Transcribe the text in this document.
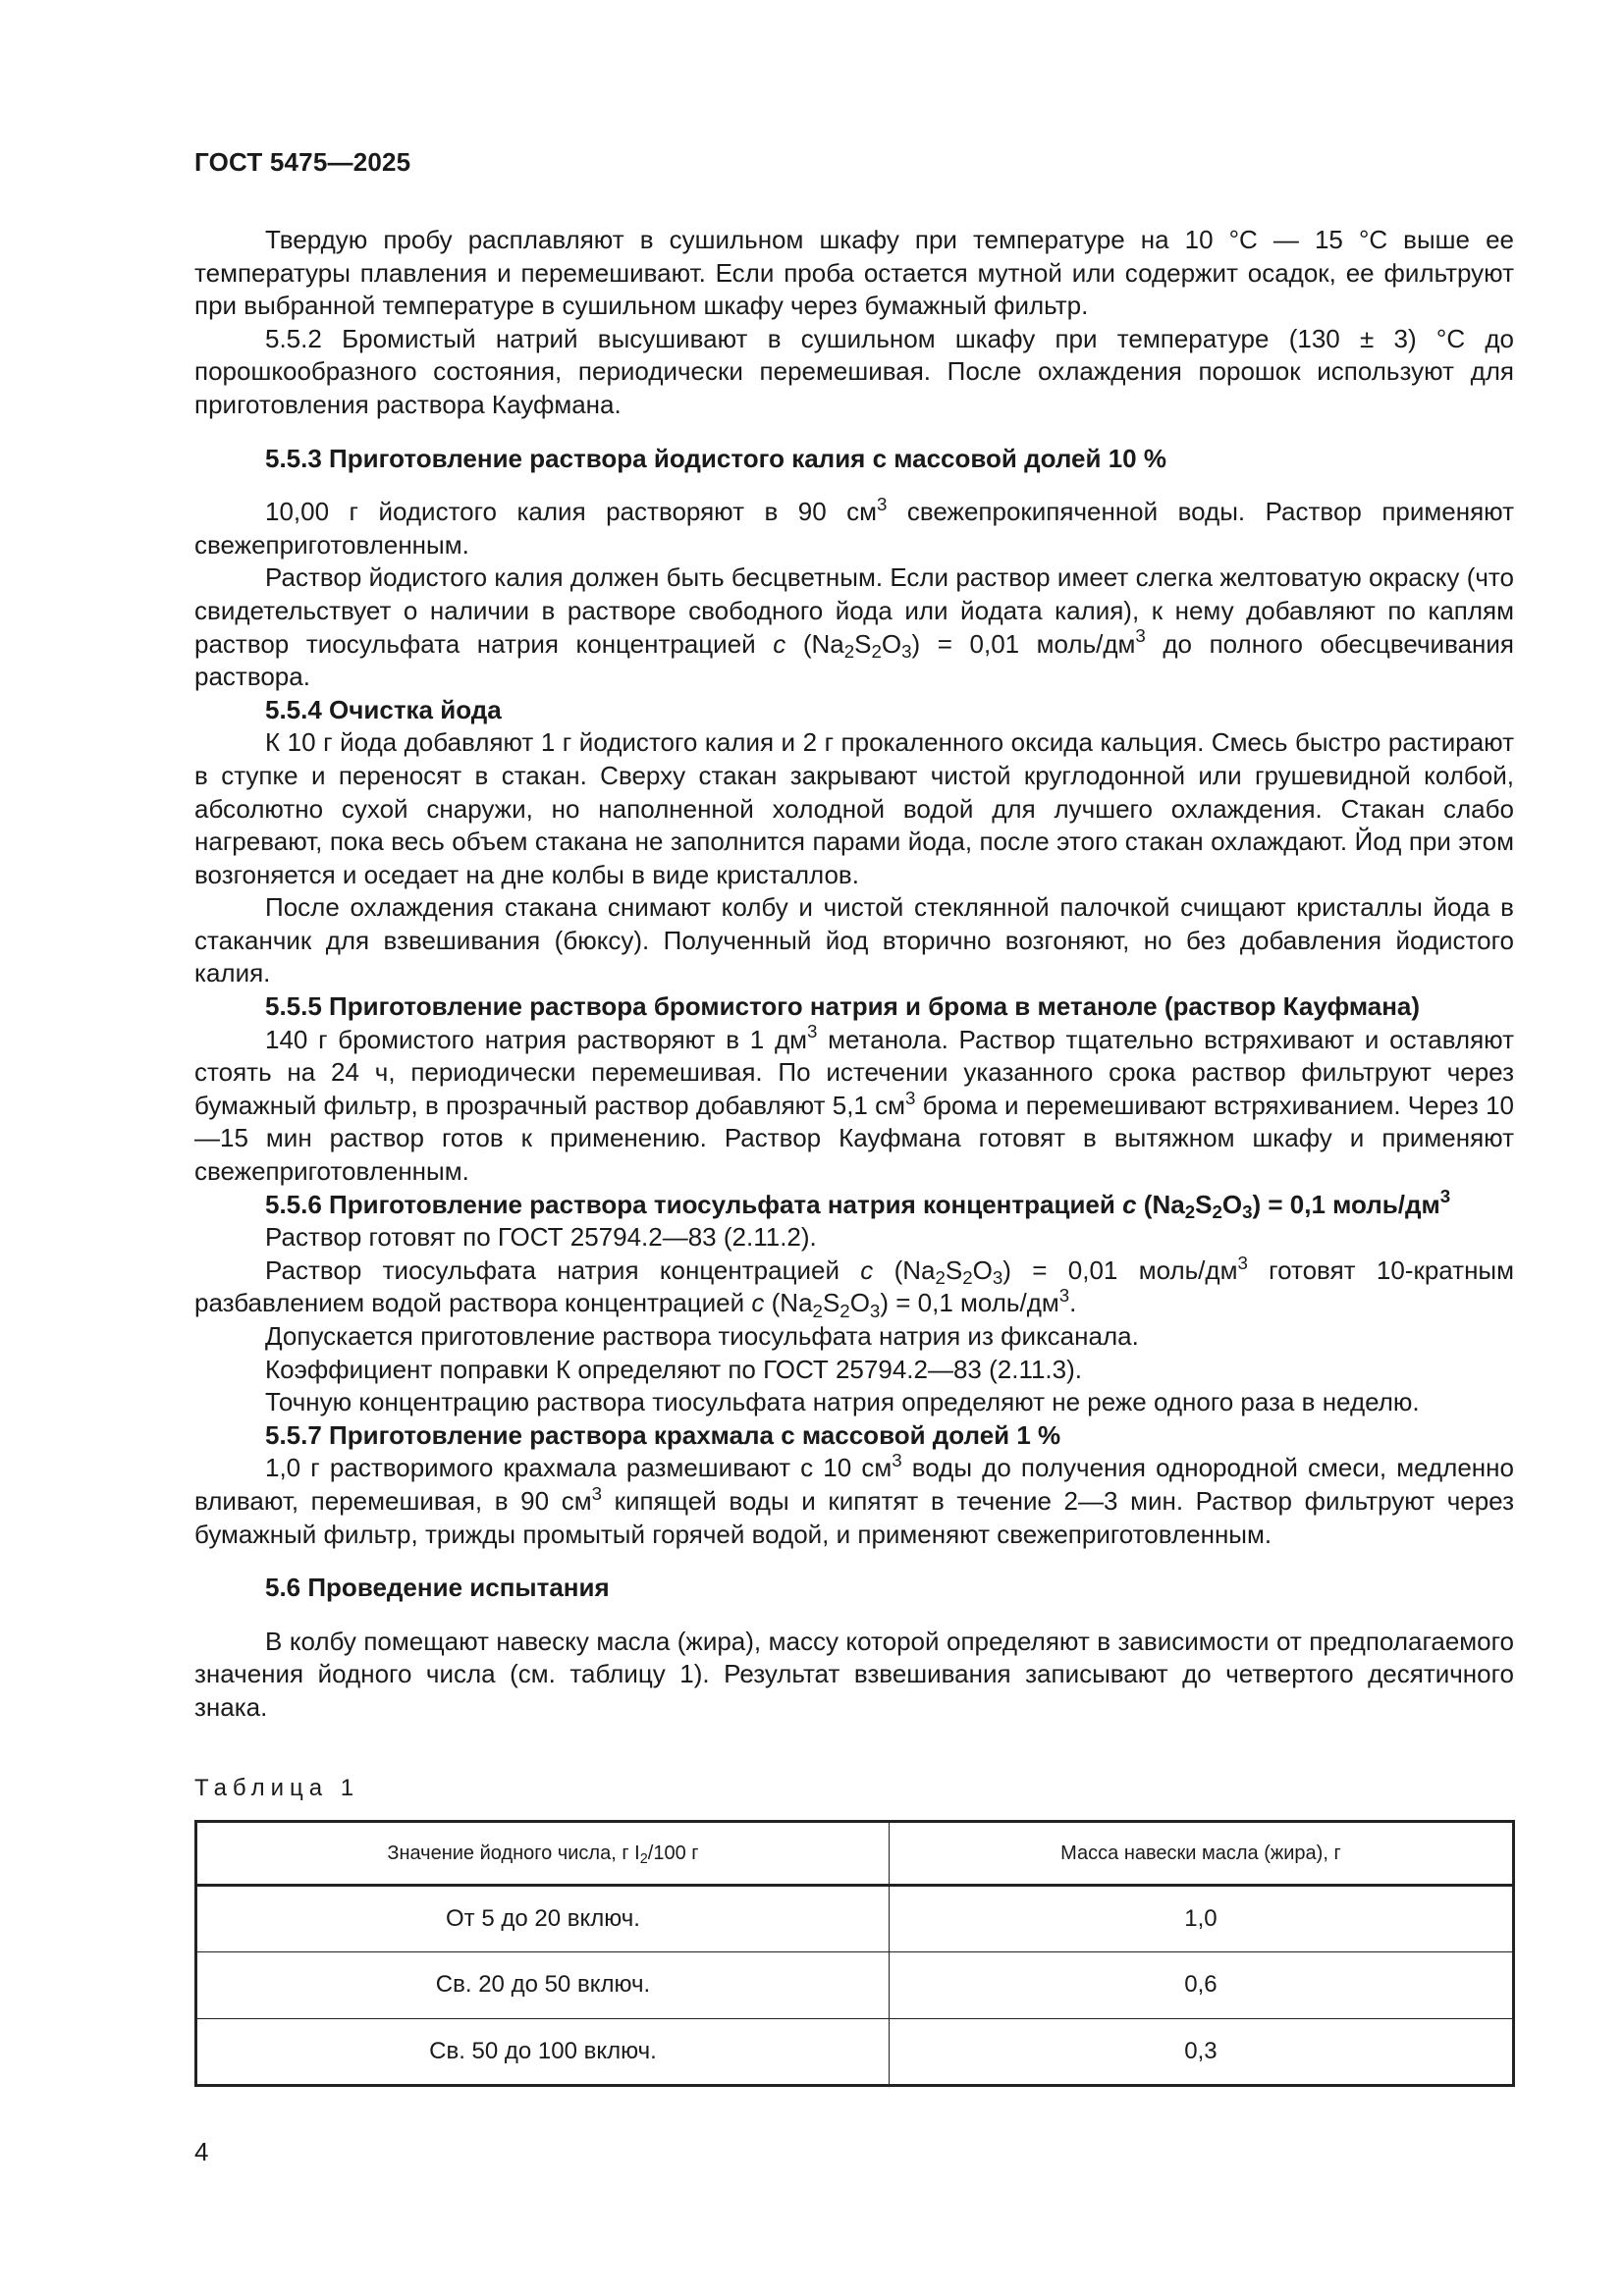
ГОСТ 5475—2025

Твердую пробу расплавляют в сушильном шкафу при температуре на 10 °С — 15 °С выше ее температуры плавления и перемешивают. Если проба остается мутной или содержит осадок, ее фильтруют при выбранной температуре в сушильном шкафу через бумажный фильтр.

5.5.2 Бромистый натрий высушивают в сушильном шкафу при температуре (130 ± 3) °С до порошкообразного состояния, периодически перемешивая. После охлаждения порошок используют для приготовления раствора Кауфмана.

5.5.3 Приготовление раствора йодистого калия с массовой долей 10 %

10,00 г йодистого калия растворяют в 90 $см^3$ свежепрокипяченной воды. Раствор применяют свежеприготовленным.

Раствор йодистого калия должен быть бесцветным. Если раствор имеет слегка желтоватую окраску (что свидетельствует о наличии в растворе свободного йода или йодата калия), к нему добавляют по каплям раствор тиосульфата натрия концентрацией c $(Na_2S_2O_3) = 0,01$ моль/$дм^3$ до полного обесцвечивания раствора.

5.5.4 Очистка йода

К 10 г йода добавляют 1 г йодистого калия и 2 г прокаленного оксида кальция. Смесь быстро растирают в ступке и переносят в стакан. Сверху стакан закрывают чистой круглодонной или грушевидной колбой, абсолютно сухой снаружи, но наполненной холодной водой для лучшего охлаждения. Стакан слабо нагревают, пока весь объем стакана не заполнится парами йода, после этого стакан охлаждают. Йод при этом возгоняется и оседает на дне колбы в виде кристаллов.

После охлаждения стакана снимают колбу и чистой стеклянной палочкой счищают кристаллы йода в стаканчик для взвешивания (бюксу). Полученный йод вторично возгоняют, но без добавления йодистого калия.

5.5.5 Приготовление раствора бромистого натрия и брома в метаноле (раствор Кауфмана)

140 г бромистого натрия растворяют в 1 $дм^3$ метанола. Раствор тщательно встряхивают и оставляют стоять на 24 ч, периодически перемешивая. По истечении указанного срока раствор фильтруют через бумажный фильтр, в прозрачный раствор добавляют 5,1 $см^3$ брома и перемешивают встряхиванием. Через 10—15 мин раствор готов к применению. Раствор Кауфмана готовят в вытяжном шкафу и применяют свежеприготовленным.

5.5.6 Приготовление раствора тиосульфата натрия концентрацией c $(Na_2S_2O_3) = 0,1$ моль/$дм^3$

Раствор готовят по ГОСТ 25794.2—83 (2.11.2).

Раствор тиосульфата натрия концентрацией c $(Na_2S_2O_3) = 0,01$ моль/$дм^3$ готовят 10-кратным разбавлением водой раствора концентрацией c $(Na_2S_2O_3) = 0,1$ моль/$дм^3$.

Допускается приготовление раствора тиосульфата натрия из фиксанала.

Коэффициент поправки К определяют по ГОСТ 25794.2—83 (2.11.3).

Точную концентрацию раствора тиосульфата натрия определяют не реже одного раза в неделю.

5.5.7 Приготовление раствора крахмала с массовой долей 1 %

1,0 г растворимого крахмала размешивают с 10 $см^3$ воды до получения однородной смеси, медленно вливают, перемешивая, в 90 $см^3$ кипящей воды и кипятят в течение 2—3 мин. Раствор фильтруют через бумажный фильтр, трижды промытый горячей водой, и применяют свежеприготовленным.

5.6 Проведение испытания

В колбу помещают навеску масла (жира), массу которой определяют в зависимости от предполагаемого значения йодного числа (см. таблицу 1). Результат взвешивания записывают до четвертого десятичного знака.

Таблица 1
Значение йодного числа, г $I_2/100$ г	Масса навески масла (жира), г
От 5 до 20 включ.	1,0
Св. 20 до 50 включ.	0,6
Св. 50 до 100 включ.	0,3
4
